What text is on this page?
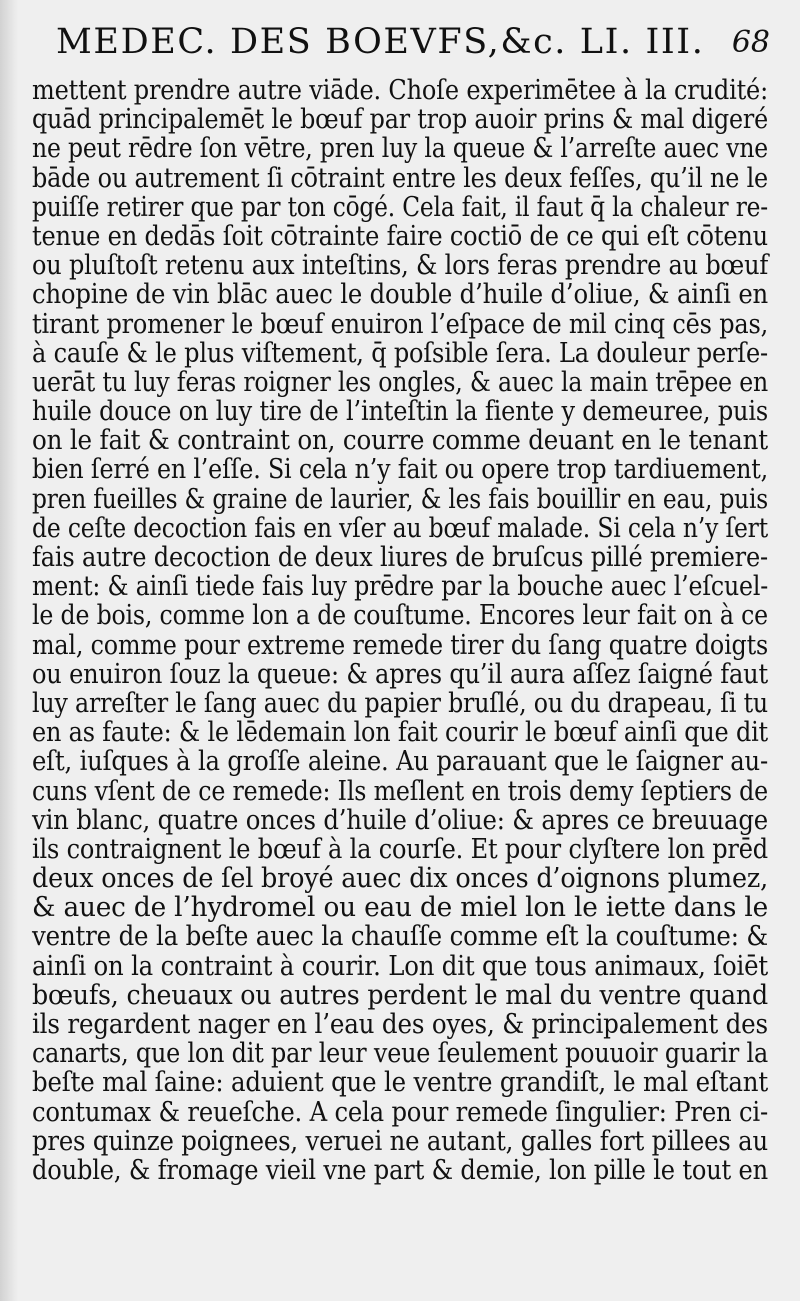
MEDEC. DES BOEVFS,&c. LI. III. 68
mettent prendre autre viāde. Choſe experimētee à la crudité:
quād principalemēt le bœuf par trop auoir prins & mal digeré
ne peut rēdre ſon vētre, pren luy la queue & l’arreſte auec vne
bāde ou autrement ſi cōtraint entre les deux feſſes, qu’il ne le
puiſſe retirer que par ton cōgé. Cela fait, il faut q̄ la chaleur re-
tenue en dedās ſoit cōtrainte faire coctiō de ce qui eſt cōtenu
ou pluſtoſt retenu aux inteſtins, & lors feras prendre au bœuf
chopine de vin blāc auec le double d’huile d’oliue, & ainſi en
tirant promener le bœuf enuiron l’eſpace de mil cinq cēs pas,
à cauſe & le plus viſtement, q̄ poſsible ſera. La douleur perſe-
uerāt tu luy feras roigner les ongles, & auec la main trēpee en
huile douce on luy tire de l’inteſtin la fiente y demeuree, puis
on le fait & contraint on, courre comme deuant en le tenant
bien ſerré en l’eſſe. Si cela n’y fait ou opere trop tardiuement,
pren fueilles & graine de laurier, & les fais bouillir en eau, puis
de ceſte decoction fais en vſer au bœuf malade. Si cela n’y ſert
fais autre decoction de deux liures de bruſcus pillé premiere-
ment: & ainſi tiede fais luy prēdre par la bouche auec l’eſcuel-
le de bois, comme lon a de couſtume. Encores leur fait on à ce
mal, comme pour extreme remede tirer du ſang quatre doigts
ou enuiron ſouz la queue: & apres qu’il aura aſſez ſaigné faut
luy arreſter le ſang auec du papier bruſlé, ou du drapeau, ſi tu
en as faute: & le lēdemain lon fait courir le bœuf ainſi que dit
eſt, iuſques à la groſſe aleine. Au parauant que le ſaigner au-
cuns vſent de ce remede: Ils meſlent en trois demy ſeptiers de
vin blanc, quatre onces d’huile d’oliue: & apres ce breuuage
ils contraignent le bœuf à la courſe. Et pour clyſtere lon prēd
deux onces de ſel broyé auec dix onces d’oignons plumez,
& auec de l’hydromel ou eau de miel lon le iette dans le
ventre de la beſte auec la chauſſe comme eſt la couſtume: &
ainſi on la contraint à courir. Lon dit que tous animaux, ſoiēt
bœufs, cheuaux ou autres perdent le mal du ventre quand
ils regardent nager en l’eau des oyes, & principalement des
canarts, que lon dit par leur veue ſeulement pouuoir guarir la
beſte mal ſaine: aduient que le ventre grandiſt, le mal eſtant
contumax & reueſche. A cela pour remede ſingulier: Pren ci-
pres quinze poignees, veruei ne autant, galles fort pillees au
double, & fromage vieil vne part & demie, lon pille le tout en
